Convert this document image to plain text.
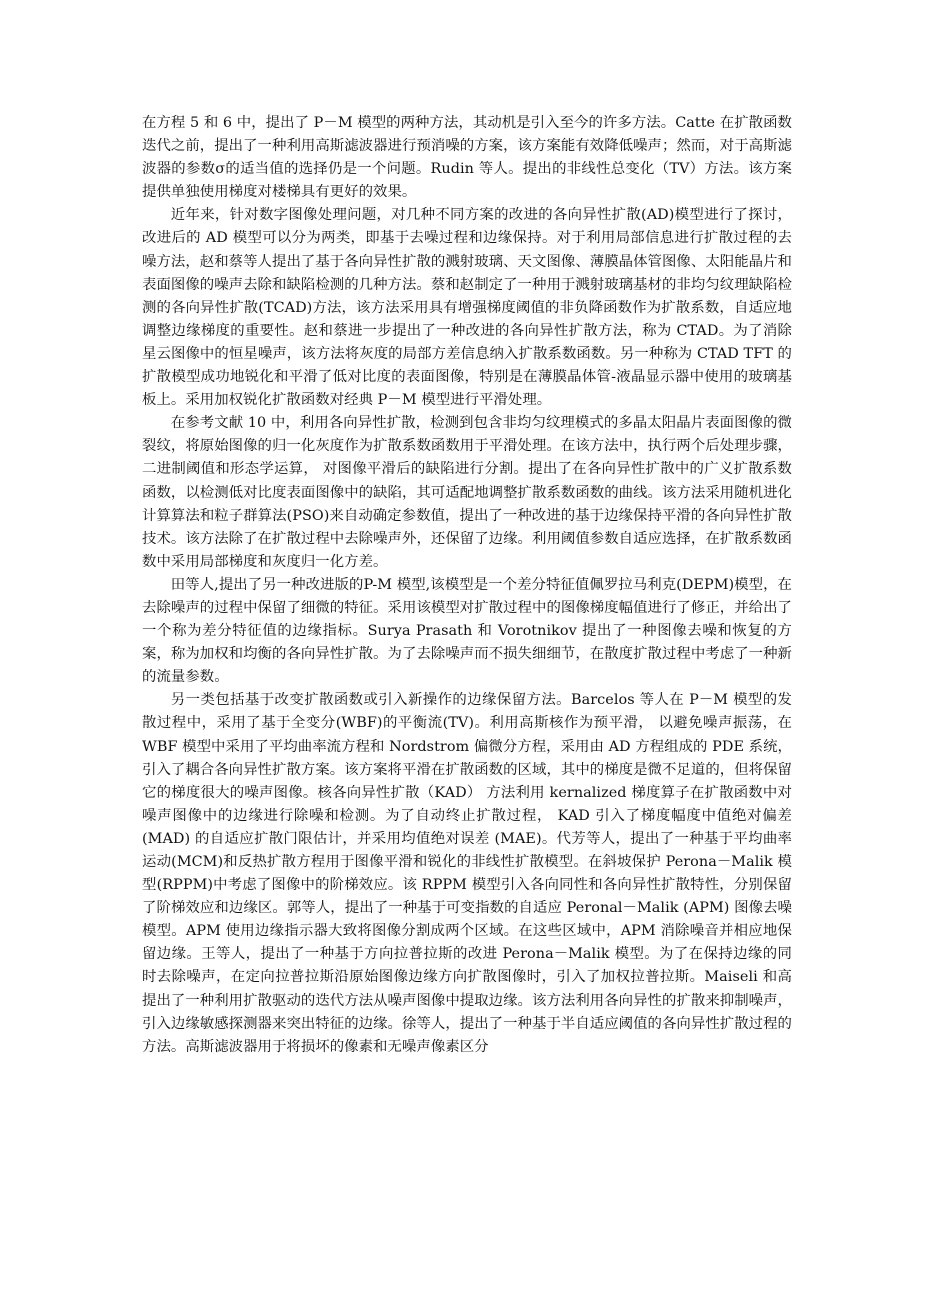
在方程 5 和 6 中，提出了 P－M 模型的两种方法，其动机是引入至今的许多方法。Catte 在扩散函数迭代之前，提出了一种利用高斯滤波器进行预消噪的方案，该方案能有效降低噪声；然而，对于高斯滤波器的参数σ的适当值的选择仍是一个问题。Rudin 等人。提出的非线性总变化（TV）方法。该方案提供单独使用梯度对楼梯具有更好的效果。

近年来，针对数字图像处理问题，对几种不同方案的改进的各向异性扩散(AD)模型进行了探讨，改进后的 AD 模型可以分为两类，即基于去噪过程和边缘保持。对于利用局部信息进行扩散过程的去噪方法，赵和蔡等人提出了基于各向异性扩散的溅射玻璃、天文图像、薄膜晶体管图像、太阳能晶片和表面图像的噪声去除和缺陷检测的几种方法。蔡和赵制定了一种用于溅射玻璃基材的非均匀纹理缺陷检测的各向异性扩散(TCAD)方法，该方法采用具有增强梯度阈值的非负降函数作为扩散系数，自适应地调整边缘梯度的重要性。赵和蔡进一步提出了一种改进的各向异性扩散方法，称为 CTAD。为了消除星云图像中的恒星噪声，该方法将灰度的局部方差信息纳入扩散系数函数。另一种称为 CTAD TFT 的扩散模型成功地锐化和平滑了低对比度的表面图像，特别是在薄膜晶体管-液晶显示器中使用的玻璃基板上。采用加权锐化扩散函数对经典 P－M 模型进行平滑处理。

在参考文献 10 中，利用各向异性扩散，检测到包含非均匀纹理模式的多晶太阳晶片表面图像的微裂纹，将原始图像的归一化灰度作为扩散系数函数用于平滑处理。在该方法中，执行两个后处理步骤， 二进制阈值和形态学运算， 对图像平滑后的缺陷进行分割。提出了在各向异性扩散中的广义扩散系数函数，以检测低对比度表面图像中的缺陷，其可适配地调整扩散系数函数的曲线。该方法采用随机进化计算算法和粒子群算法(PSO)来自动确定参数值，提出了一种改进的基于边缘保持平滑的各向异性扩散技术。该方法除了在扩散过程中去除噪声外，还保留了边缘。利用阈值参数自适应选择，在扩散系数函数中采用局部梯度和灰度归一化方差。

田等人,提出了另一种改进版的P-M 模型,该模型是一个差分特征值佩罗拉马利克(DEPM)模型，在去除噪声的过程中保留了细微的特征。采用该模型对扩散过程中的图像梯度幅值进行了修正，并给出了一个称为差分特征值的边缘指标。Surya Prasath 和 Vorotnikov 提出了一种图像去噪和恢复的方案，称为加权和均衡的各向异性扩散。为了去除噪声而不损失细细节，在散度扩散过程中考虑了一种新的流量参数。

另一类包括基于改变扩散函数或引入新操作的边缘保留方法。Barcelos 等人在 P－M 模型的发散过程中，采用了基于全变分(WBF)的平衡流(TV)。利用高斯核作为预平滑， 以避免噪声振荡，在 WBF 模型中采用了平均曲率流方程和 Nordstrom 偏微分方程，采用由 AD 方程组成的 PDE 系统，引入了耦合各向异性扩散方案。该方案将平滑在扩散函数的区域，其中的梯度是微不足道的，但将保留它的梯度很大的噪声图像。核各向异性扩散（KAD） 方法利用 kernalized 梯度算子在扩散函数中对噪声图像中的边缘进行除噪和检测。为了自动终止扩散过程， KAD 引入了梯度幅度中值绝对偏差 (MAD) 的自适应扩散门限估计，并采用均值绝对误差 (MAE)。代芳等人，提出了一种基于平均曲率运动(MCM)和反热扩散方程用于图像平滑和锐化的非线性扩散模型。在斜坡保护 Perona－Malik 模型(RPPM)中考虑了图像中的阶梯效应。该 RPPM 模型引入各向同性和各向异性扩散特性，分别保留了阶梯效应和边缘区。郭等人，提出了一种基于可变指数的自适应 Peronal－Malik (APM) 图像去噪模型。APM 使用边缘指示器大致将图像分割成两个区域。在这些区域中，APM 消除噪音并相应地保留边缘。王等人，提出了一种基于方向拉普拉斯的改进 Perona－Malik 模型。为了在保持边缘的同时去除噪声，在定向拉普拉斯沿原始图像边缘方向扩散图像时，引入了加权拉普拉斯。Maiseli 和高提出了一种利用扩散驱动的迭代方法从噪声图像中提取边缘。该方法利用各向异性的扩散来抑制噪声，引入边缘敏感探测器来突出特征的边缘。徐等人，提出了一种基于半自适应阈值的各向异性扩散过程的方法。高斯滤波器用于将损坏的像素和无噪声像素区分
